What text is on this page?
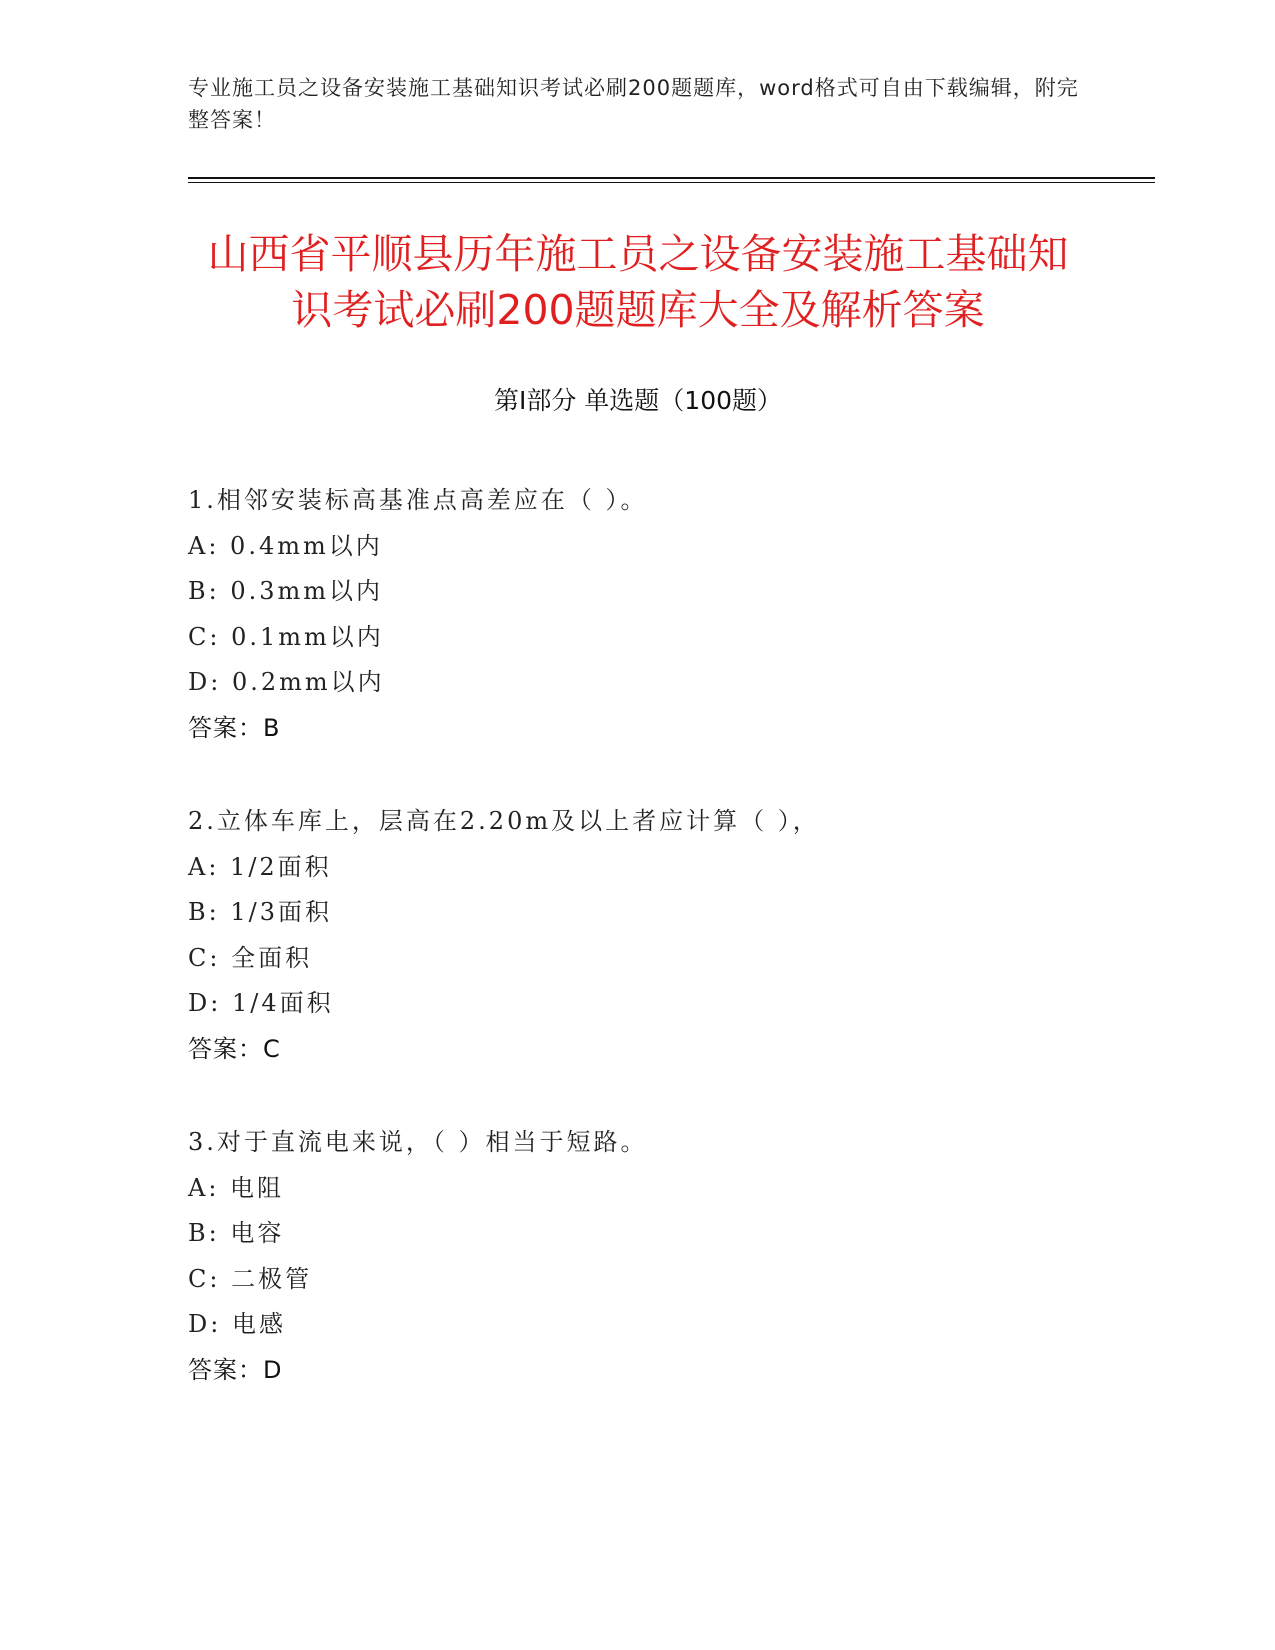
专业施工员之设备安装施工基础知识考试必刷200题题库，word格式可自由下载编辑，附完整答案！
山西省平顺县历年施工员之设备安装施工基础知识考试必刷200题题库大全及解析答案
第Ⅰ部分 单选题（100题）
1.相邻安装标高基准点高差应在（ ）。
A: 0.4mm以内
B: 0.3mm以内
C: 0.1mm以内
D: 0.2mm以内
答案：B
2.立体车库上，层高在2.20m及以上者应计算（ ），
A: 1/2面积
B: 1/3面积
C: 全面积
D: 1/4面积
答案：C
3.对于直流电来说，（ ）相当于短路。
A: 电阻
B: 电容
C: 二极管
D: 电感
答案：D
